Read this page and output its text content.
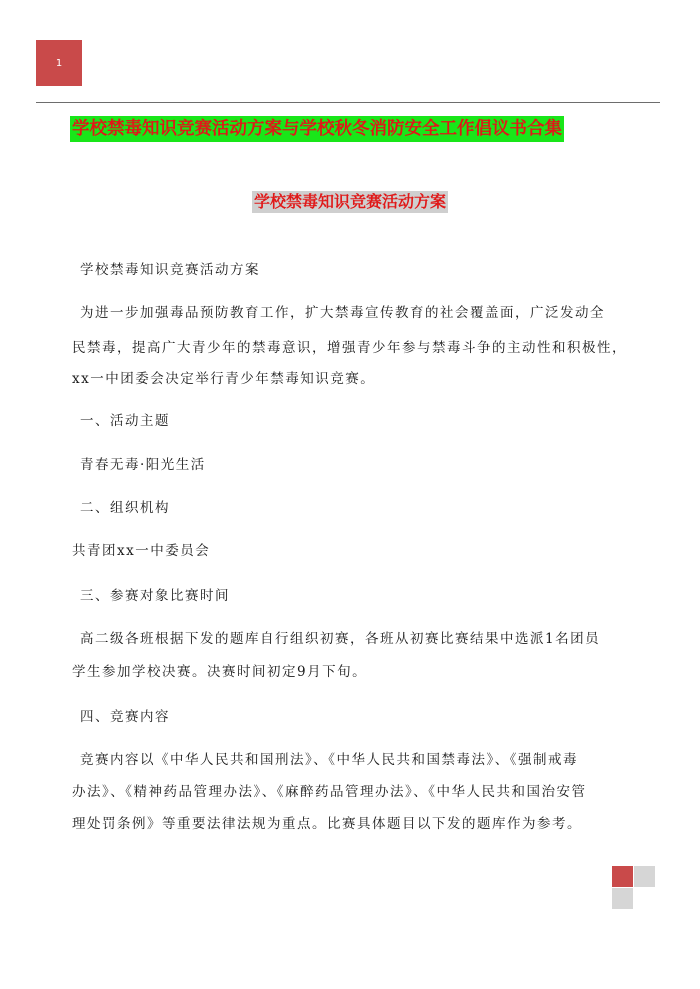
1
学校禁毒知识竞赛活动方案与学校秋冬消防安全工作倡议书合集
学校禁毒知识竞赛活动方案
学校禁毒知识竞赛活动方案
为进一步加强毒品预防教育工作，扩大禁毒宣传教育的社会覆盖面，广泛发动全
民禁毒，提高广大青少年的禁毒意识，增强青少年参与禁毒斗争的主动性和积极性，
xx一中团委会决定举行青少年禁毒知识竞赛。
一、活动主题
青春无毒·阳光生活
二、组织机构
共青团xx一中委员会
三、参赛对象比赛时间
高二级各班根据下发的题库自行组织初赛，各班从初赛比赛结果中选派1名团员
学生参加学校决赛。决赛时间初定9月下旬。
四、竞赛内容
竞赛内容以《中华人民共和国刑法》、《中华人民共和国禁毒法》、《强制戒毒
办法》、《精神药品管理办法》、《麻醉药品管理办法》、《中华人民共和国治安管
理处罚条例》等重要法律法规为重点。比赛具体题目以下发的题库作为参考。
